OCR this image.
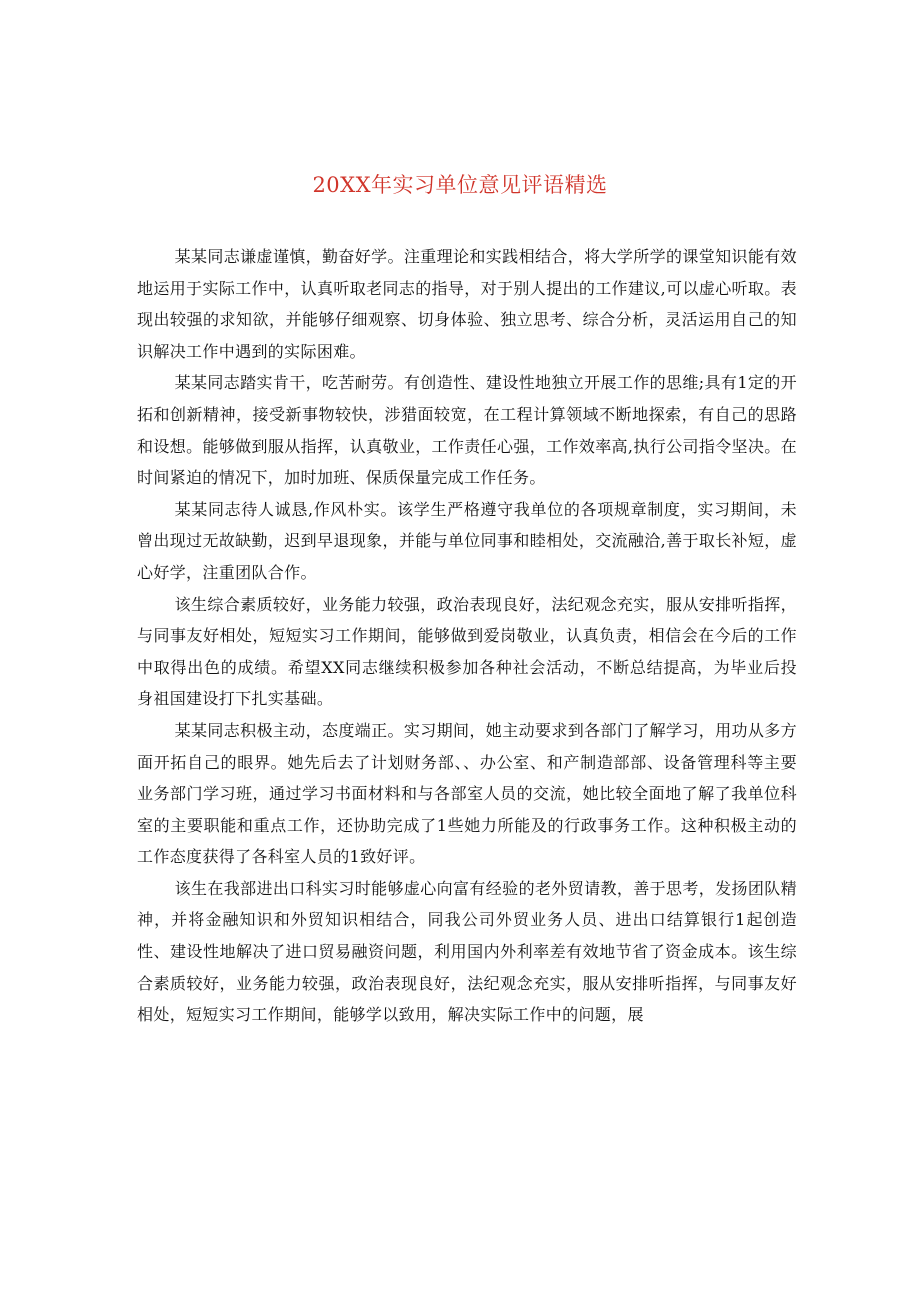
20XX年实习单位意见评语精选

某某同志谦虚谨慎，勤奋好学。注重理论和实践相结合，将大学所学的课堂知识能有效地运用于实际工作中，认真听取老同志的指导，对于别人提出的工作建议,可以虚心听取。表现出较强的求知欲，并能够仔细观察、切身体验、独立思考、综合分析，灵活运用自己的知识解决工作中遇到的实际困难。

某某同志踏实肯干，吃苦耐劳。有创造性、建设性地独立开展工作的思维;具有1定的开拓和创新精神，接受新事物较快，涉猎面较宽，在工程计算领域不断地探索，有自己的思路和设想。能够做到服从指挥，认真敬业，工作责任心强，工作效率高,执行公司指令坚决。在时间紧迫的情况下，加时加班、保质保量完成工作任务。

某某同志待人诚恳,作风朴实。该学生严格遵守我单位的各项规章制度，实习期间，未曾出现过无故缺勤，迟到早退现象，并能与单位同事和睦相处，交流融洽,善于取长补短，虚心好学，注重团队合作。

该生综合素质较好，业务能力较强，政治表现良好，法纪观念充实，服从安排听指挥，与同事友好相处，短短实习工作期间，能够做到爱岗敬业，认真负责，相信会在今后的工作中取得出色的成绩。希望XX同志继续积极参加各种社会活动，不断总结提高，为毕业后投身祖国建设打下扎实基础。

某某同志积极主动，态度端正。实习期间，她主动要求到各部门了解学习，用功从多方面开拓自己的眼界。她先后去了计划财务部、、办公室、和产制造部部、设备管理科等主要业务部门学习班，通过学习书面材料和与各部室人员的交流，她比较全面地了解了我单位科室的主要职能和重点工作，还协助完成了1些她力所能及的行政事务工作。这种积极主动的工作态度获得了各科室人员的1致好评。

该生在我部进出口科实习时能够虚心向富有经验的老外贸请教，善于思考，发扬团队精神，并将金融知识和外贸知识相结合，同我公司外贸业务人员、进出口结算银行1起创造性、建设性地解决了进口贸易融资问题，利用国内外利率差有效地节省了资金成本。该生综合素质较好，业务能力较强，政治表现良好，法纪观念充实，服从安排听指挥，与同事友好相处，短短实习工作期间，能够学以致用，解决实际工作中的问题，展
